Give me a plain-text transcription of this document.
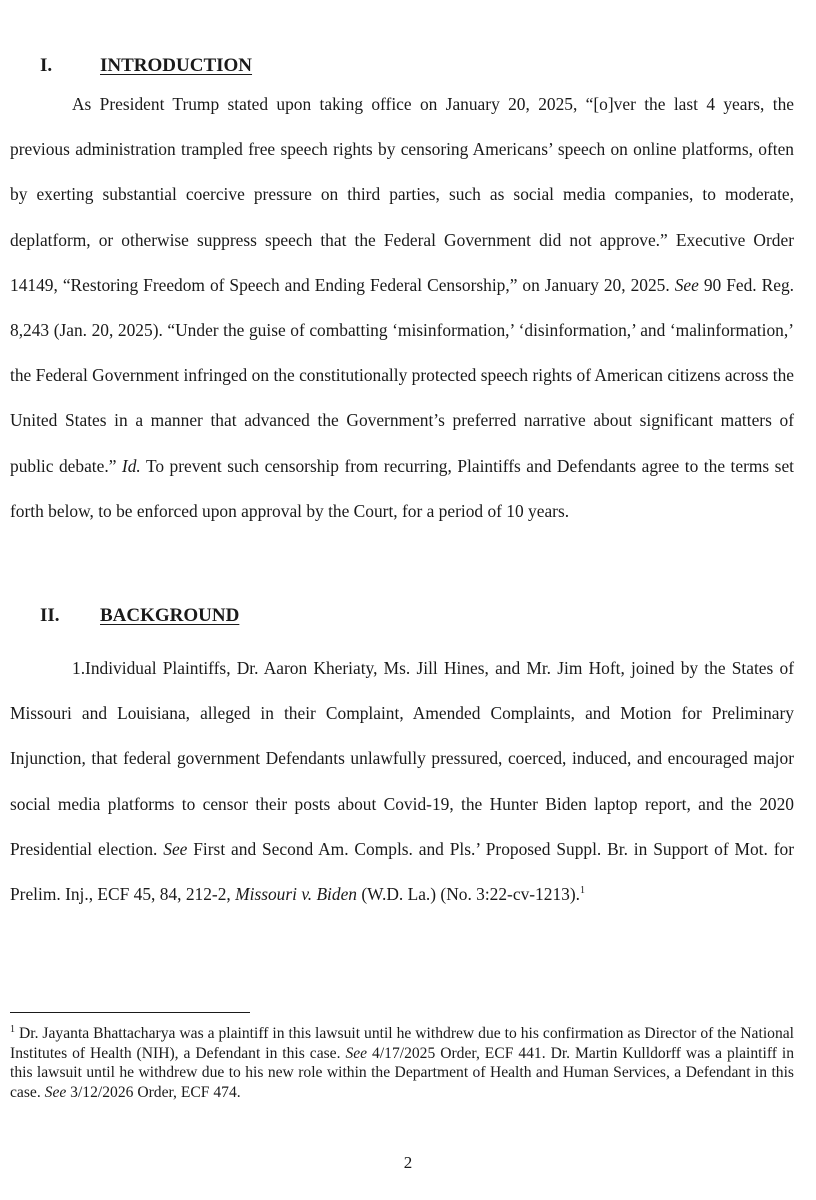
I.	INTRODUCTION

As President Trump stated upon taking office on January 20, 2025, “[o]ver the last 4 years, the previous administration trampled free speech rights by censoring Americans’ speech on online platforms, often by exerting substantial coercive pressure on third parties, such as social media companies, to moderate, deplatform, or otherwise suppress speech that the Federal Government did not approve.” Executive Order 14149, “Restoring Freedom of Speech and Ending Federal Censorship,” on January 20, 2025. See 90 Fed. Reg. 8,243 (Jan. 20, 2025). “Under the guise of combatting ‘misinformation,’ ‘disinformation,’ and ‘malinformation,’ the Federal Government infringed on the constitutionally protected speech rights of American citizens across the United States in a manner that advanced the Government’s preferred narrative about significant matters of public debate.” Id. To prevent such censorship from recurring, Plaintiffs and Defendants agree to the terms set forth below, to be enforced upon approval by the Court, for a period of 10 years.

II. BACKGROUND

1.Individual Plaintiffs, Dr. Aaron Kheriaty, Ms. Jill Hines, and Mr. Jim Hoft, joined by the States of Missouri and Louisiana, alleged in their Complaint, Amended Complaints, and Motion for Preliminary Injunction, that federal government Defendants unlawfully pressured, coerced, induced, and encouraged major social media platforms to censor their posts about Covid-19, the Hunter Biden laptop report, and the 2020 Presidential election. See First and Second Am. Compls. and Pls.’ Proposed Suppl. Br. in Support of Mot. for Prelim. Inj., ECF 45, 84, 212-2, Missouri v. Biden (W.D. La.) (No. 3:22-cv-1213).$^1$

$^1$ Dr. Jayanta Bhattacharya was a plaintiff in this lawsuit until he withdrew due to his confirmation as Director of the National Institutes of Health (NIH), a Defendant in this case. See 4/17/2025 Order, ECF 441. Dr. Martin Kulldorff was a plaintiff in this lawsuit until he withdrew due to his new role within the Department of Health and Human Services, a Defendant in this case. See 3/12/2026 Order, ECF 474.

2
